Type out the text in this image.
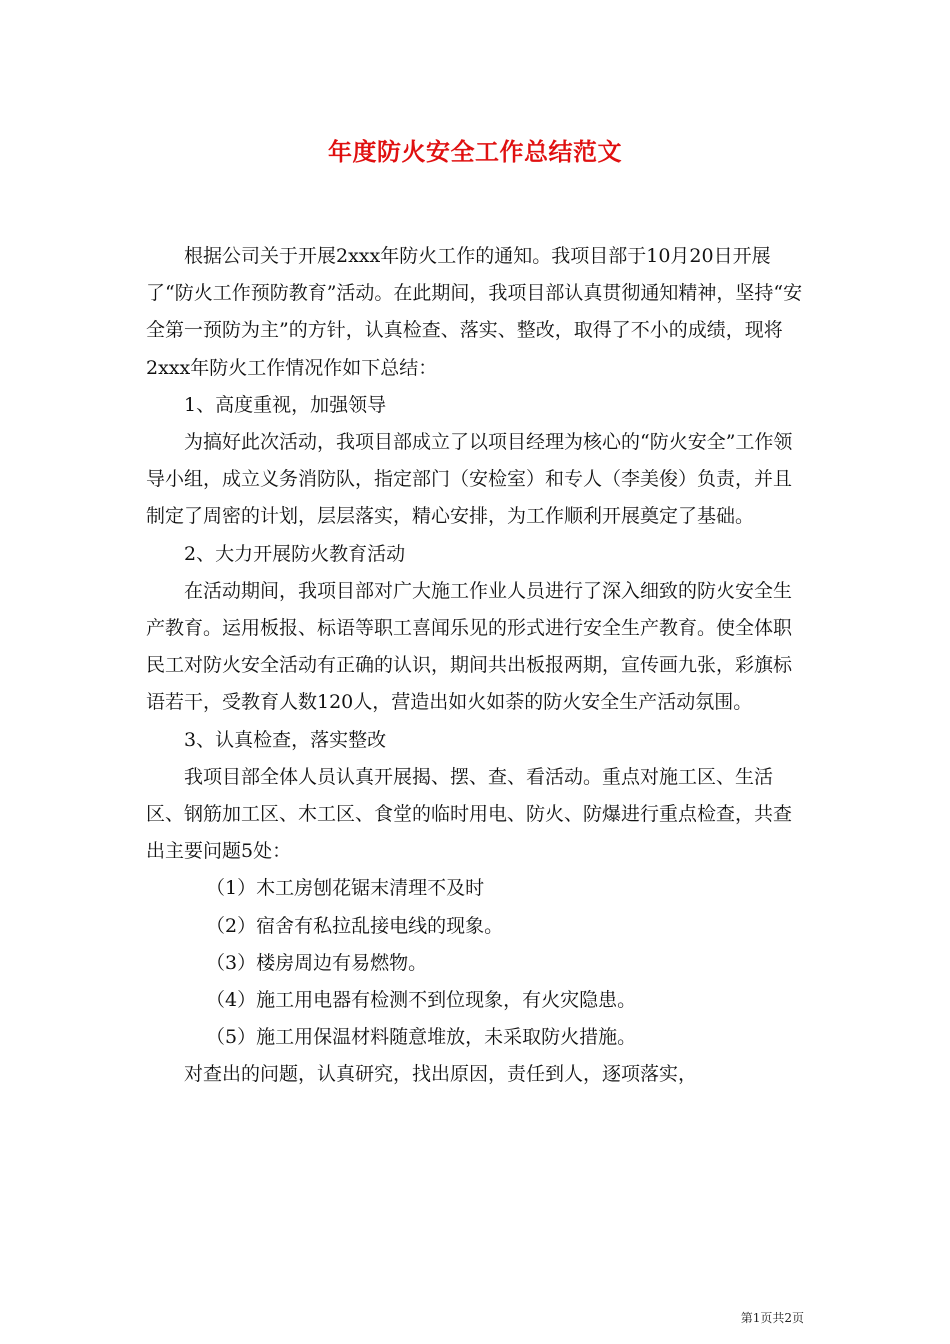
年度防火安全工作总结范文

根据公司关于开展2xxx年防火工作的通知。我项目部于10月20日开展了“防火工作预防教育”活动。在此期间，我项目部认真贯彻通知精神，坚持“安全第一预防为主”的方针，认真检查、落实、整改，取得了不小的成绩，现将2xxx年防火工作情况作如下总结：

1、高度重视，加强领导

为搞好此次活动，我项目部成立了以项目经理为核心的“防火安全”工作领导小组，成立义务消防队，指定部门（安检室）和专人（李美俊）负责，并且制定了周密的计划，层层落实，精心安排，为工作顺利开展奠定了基础。

2、大力开展防火教育活动

在活动期间，我项目部对广大施工作业人员进行了深入细致的防火安全生产教育。运用板报、标语等职工喜闻乐见的形式进行安全生产教育。使全体职民工对防火安全活动有正确的认识，期间共出板报两期，宣传画九张，彩旗标语若干，受教育人数120人，营造出如火如荼的防火安全生产活动氛围。

3、认真检查，落实整改

我项目部全体人员认真开展揭、摆、查、看活动。重点对施工区、生活区、钢筋加工区、木工区、食堂的临时用电、防火、防爆进行重点检查，共查出主要问题5处：

（1）木工房刨花锯末清理不及时

（2）宿舍有私拉乱接电线的现象。

（3）楼房周边有易燃物。

（4）施工用电器有检测不到位现象，有火灾隐患。

（5）施工用保温材料随意堆放，未采取防火措施。

对查出的问题，认真研究，找出原因，责任到人，逐项落实，

第1页共2页
